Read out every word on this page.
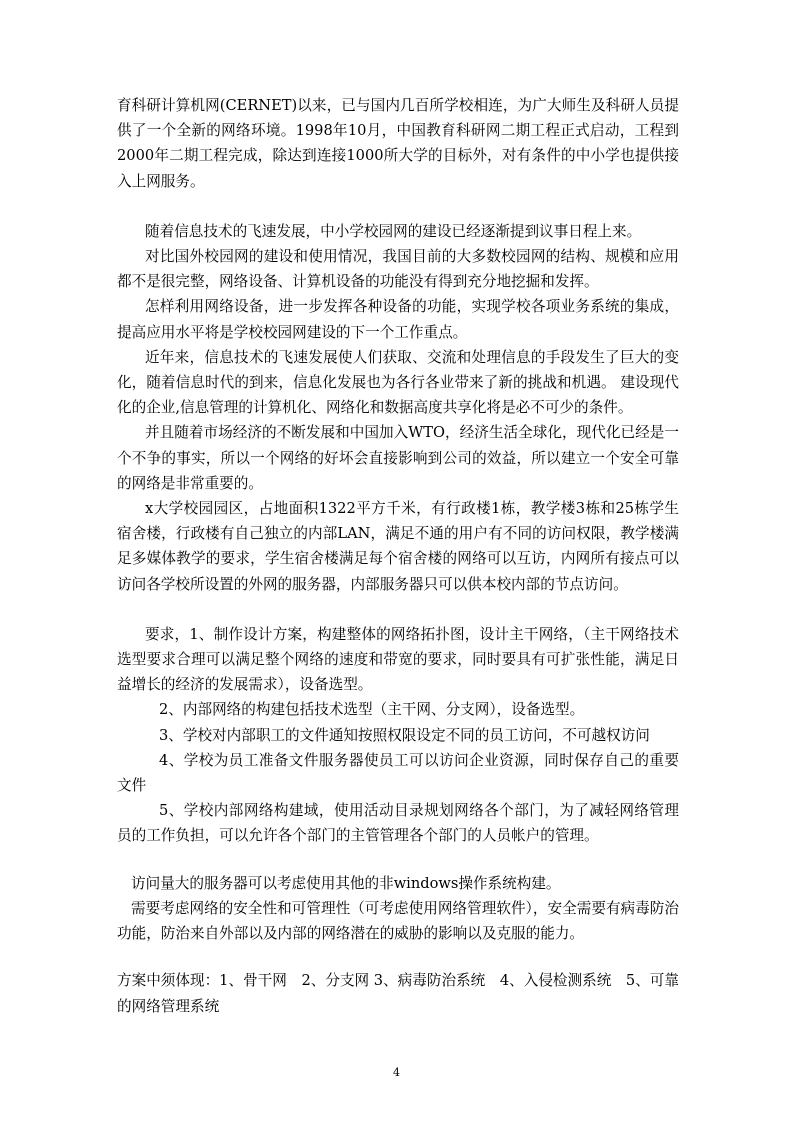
育科研计算机网(CERNET)以来，已与国内几百所学校相连，为广大师生及科研人员提供了一个全新的网络环境。1998年10月，中国教育科研网二期工程正式启动，工程到2000年二期工程完成，除达到连接1000所大学的目标外，对有条件的中小学也提供接入上网服务。

随着信息技术的飞速发展，中小学校园网的建设已经逐渐提到议事日程上来。

对比国外校园网的建设和使用情况，我国目前的大多数校园网的结构、规模和应用都不是很完整，网络设备、计算机设备的功能没有得到充分地挖掘和发挥。

怎样利用网络设备，进一步发挥各种设备的功能，实现学校各项业务系统的集成，提高应用水平将是学校校园网建设的下一个工作重点。

近年来，信息技术的飞速发展使人们获取、交流和处理信息的手段发生了巨大的变化，随着信息时代的到来，信息化发展也为各行各业带来了新的挑战和机遇。 建设现代化的企业,信息管理的计算机化、网络化和数据高度共享化将是必不可少的条件。

并且随着市场经济的不断发展和中国加入WTO，经济生活全球化，现代化已经是一个不争的事实，所以一个网络的好坏会直接影响到公司的效益，所以建立一个安全可靠的网络是非常重要的。

x大学校园园区，占地面积1322平方千米，有行政楼1栋，教学楼3栋和25栋学生宿舍楼，行政楼有自己独立的内部LAN，满足不通的用户有不同的访问权限，教学楼满足多媒体教学的要求，学生宿舍楼满足每个宿舍楼的网络可以互访，内网所有接点可以访问各学校所设置的外网的服务器，内部服务器只可以供本校内部的节点访问。

要求，1、制作设计方案，构建整体的网络拓扑图，设计主干网络，（主干网络技术选型要求合理可以满足整个网络的速度和带宽的要求，同时要具有可扩张性能，满足日益增长的经济的发展需求），设备选型。

2、内部网络的构建包括技术选型（主干网、分支网），设备选型。

3、学校对内部职工的文件通知按照权限设定不同的员工访问，不可越权访问

4、学校为员工准备文件服务器使员工可以访问企业资源，同时保存自己的重要文件

5、学校内部网络构建域，使用活动目录规划网络各个部门，为了减轻网络管理员的工作负担，可以允许各个部门的主管管理各个部门的人员帐户的管理。

访问量大的服务器可以考虑使用其他的非windows操作系统构建。

需要考虑网络的安全性和可管理性（可考虑使用网络管理软件），安全需要有病毒防治功能，防治来自外部以及内部的网络潜在的威胁的影响以及克服的能力。

方案中须体现：1、骨干网　2、分支网 3、病毒防治系统　4、入侵检测系统　5、可靠的网络管理系统

4
